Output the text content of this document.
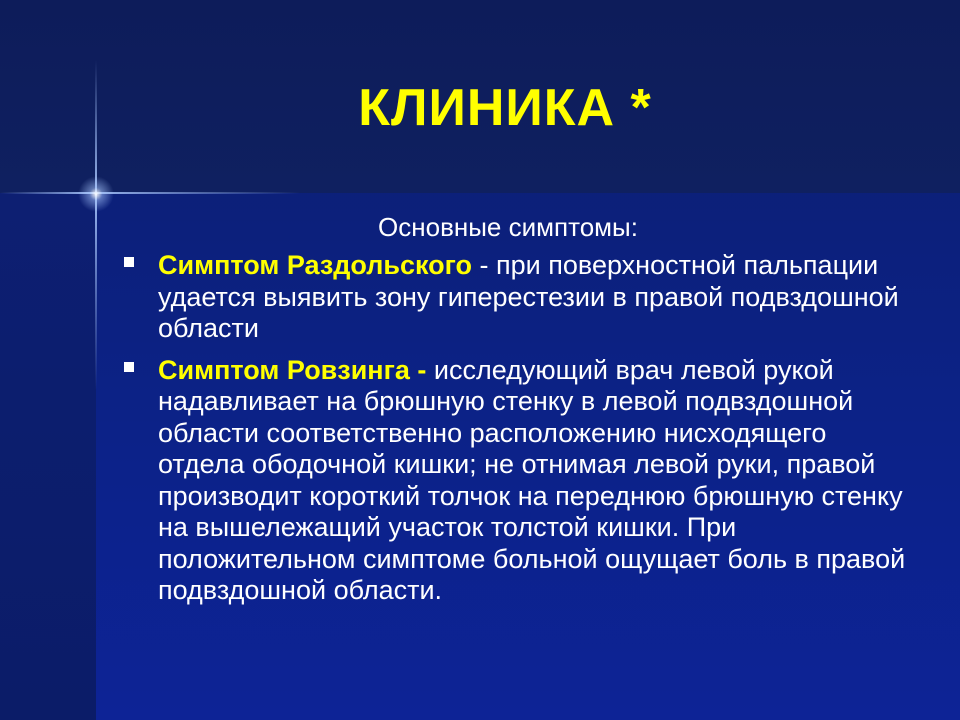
КЛИНИКА *
Основные симптомы:
Симптом Раздольского - при поверхностной пальпации удается выявить зону гиперестезии в правой подвздошной области
Симптом Ровзинга - исследующий врач левой рукой надавливает на брюшную стенку в левой подвздошной области соответственно расположению нисходящего отдела ободочной кишки; не отнимая левой руки, правой производит короткий толчок на переднюю брюшную стенку на вышележащий участок толстой кишки. При положительном симптоме больной ощущает боль в правой подвздошной области.
